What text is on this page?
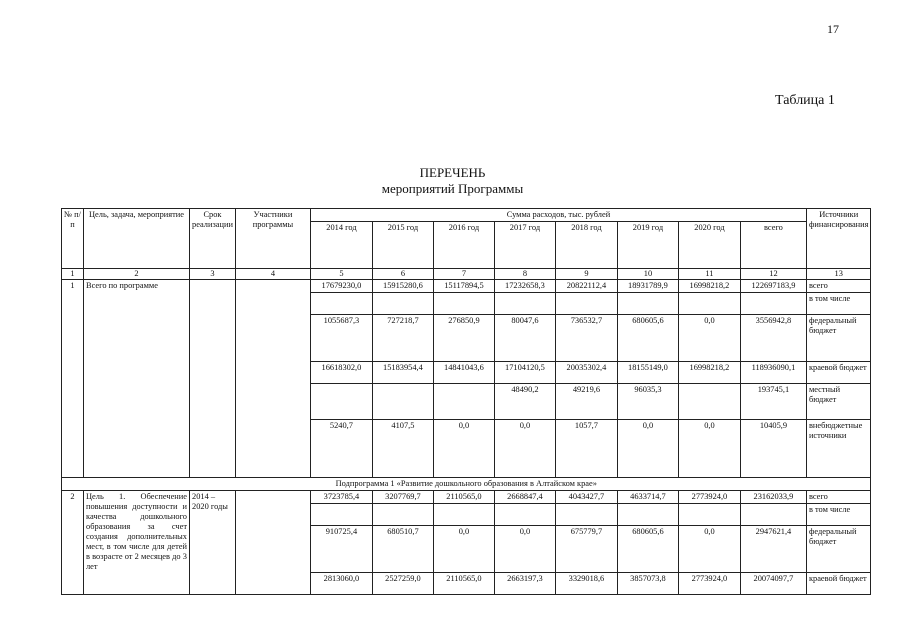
17
Таблица 1
ПЕРЕЧЕНЬ
мероприятий Программы
№ п/ п	Цель, задача, мероприятие	Срок реализации	Участники программы	Сумма расходов, тыс. рублей								Источники финансирования
				2014 год	2015 год	2016 год	2017 год	2018 год	2019 год	2020 год	всего	
1	2	3	4	5	6	7	8	9	10	11	12	13
1	Всего по программе			17679230,0	15915280,6	15117894,5	17232658,3	20822112,4	18931789,9	16998218,2	122697183,9	всего
												в том числе
				1055687,3	727218,7	276850,9	80047,6	736532,7	680605,6	0,0	3556942,8	федеральный бюджет
				16618302,0	15183954,4	14841043,6	17104120,5	20035302,4	18155149,0	16998218,2	118936090,1	краевой бюджет
							48490,2	49219,6	96035,3		193745,1	местный бюджет
				5240,7	4107,5	0,0	0,0	1057,7	0,0	0,0	10405,9	внебюджетные источники
Подпрограмма 1 «Развитие дошкольного образования в Алтайском крае»												
2	Цель 1. Обеспечение повышения доступности и качества дошкольного образования за счет создания дополнительных мест, в том числе для детей в возрасте от 2 месяцев до 3 лет	2014 – 2020 годы		3723785,4	3207769,7	2110565,0	2668847,4	4043427,7	4633714,7	2773924,0	23162033,9	всего
												в том числе
				910725,4	680510,7	0,0	0,0	675779,7	680605,6	0,0	2947621,4	федеральный бюджет
				2813060,0	2527259,0	2110565,0	2663197,3	3329018,6	3857073,8	2773924,0	20074097,7	краевой бюджет
